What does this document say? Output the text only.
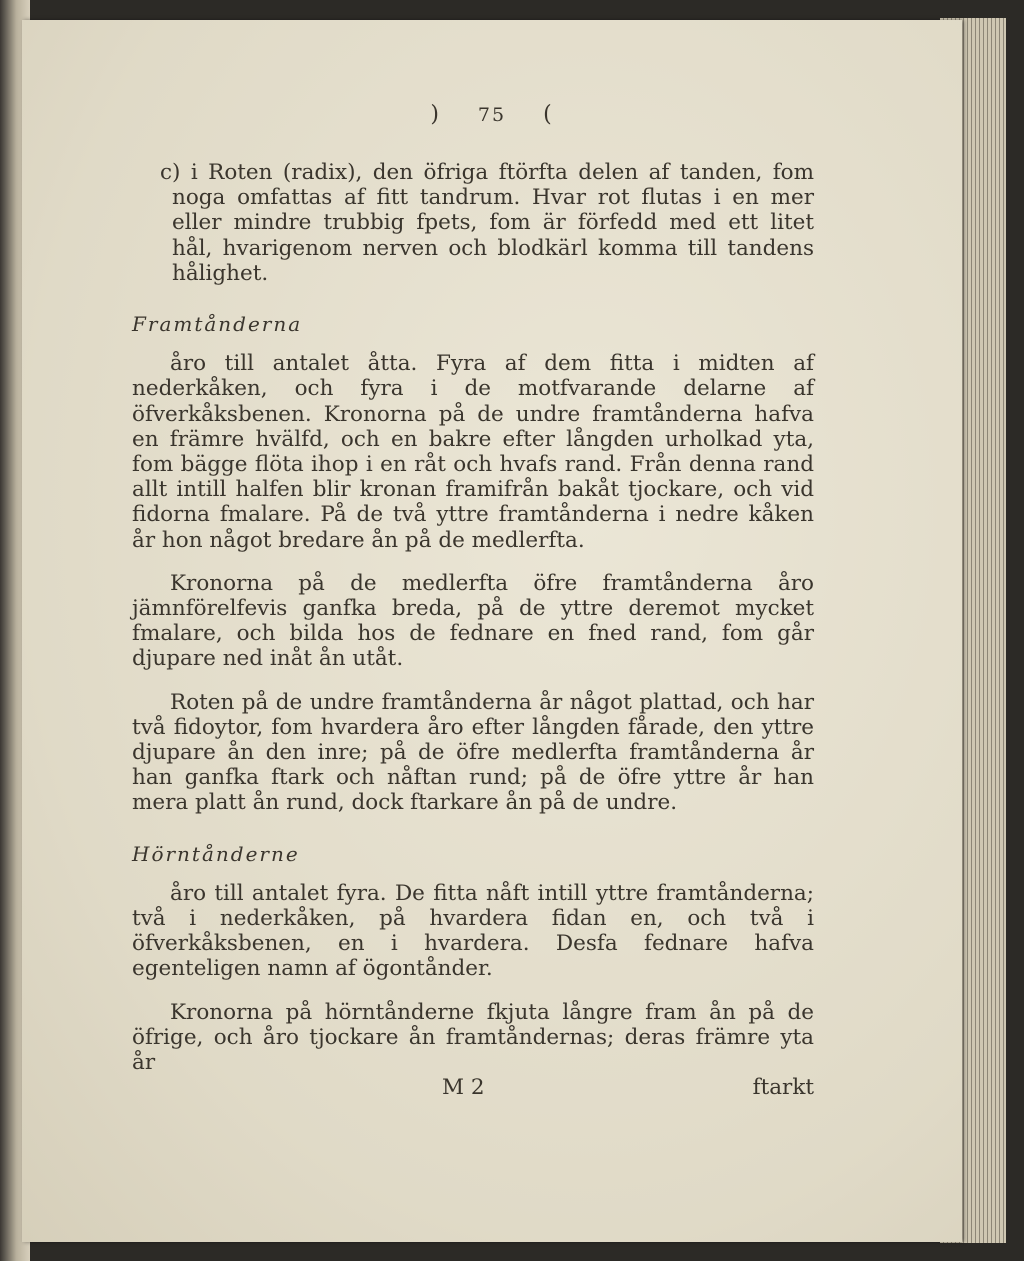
) 75 (

c) i Roten (radix), den öfriga ftörfta delen af tanden, fom noga omfattas af fitt tandrum. Hvar rot flutas i en mer eller mindre trubbig fpets, fom är förfedd med ett litet hål, hvarigenom nerven och blodkärl komma till tandens hålighet.

Framtånderna

åro till antalet åtta. Fyra af dem fitta i midten af nederkåken, och fyra i de motfvarande delarne af öfverkåksbenen. Kronorna på de undre framtånderna hafva en främre hvälfd, och en bakre efter långden urholkad yta, fom bägge flöta ihop i en råt och hvafs rand. Från denna rand allt intill halfen blir kronan framifrån bakåt tjockare, och vid fidorna fmalare. På de två yttre framtånderna i nedre kåken år hon något bredare ån på de medlerfta.

Kronorna på de medlerfta öfre framtånderna åro jämnförelfevis ganfka breda, på de yttre deremot mycket fmalare, och bilda hos de fednare en fned rand, fom går djupare ned inåt ån utåt.

Roten på de undre framtånderna år något plattad, och har två fidoytor, fom hvardera åro efter långden fårade, den yttre djupare ån den inre; på de öfre medlerfta framtånderna år han ganfka ftark och nåftan rund; på de öfre yttre år han mera platt ån rund, dock ftarkare ån på de undre.

Hörntånderne

åro till antalet fyra. De fitta nåft intill yttre framtånderna; två i nederkåken, på hvardera fidan en, och två i öfverkåksbenen, en i hvardera. Desfa fednare hafva egenteligen namn af ögontånder.

Kronorna på hörntånderne fkjuta långre fram ån på de öfrige, och åro tjockare ån framtåndernas; deras främre yta år

M 2	ftarkt
